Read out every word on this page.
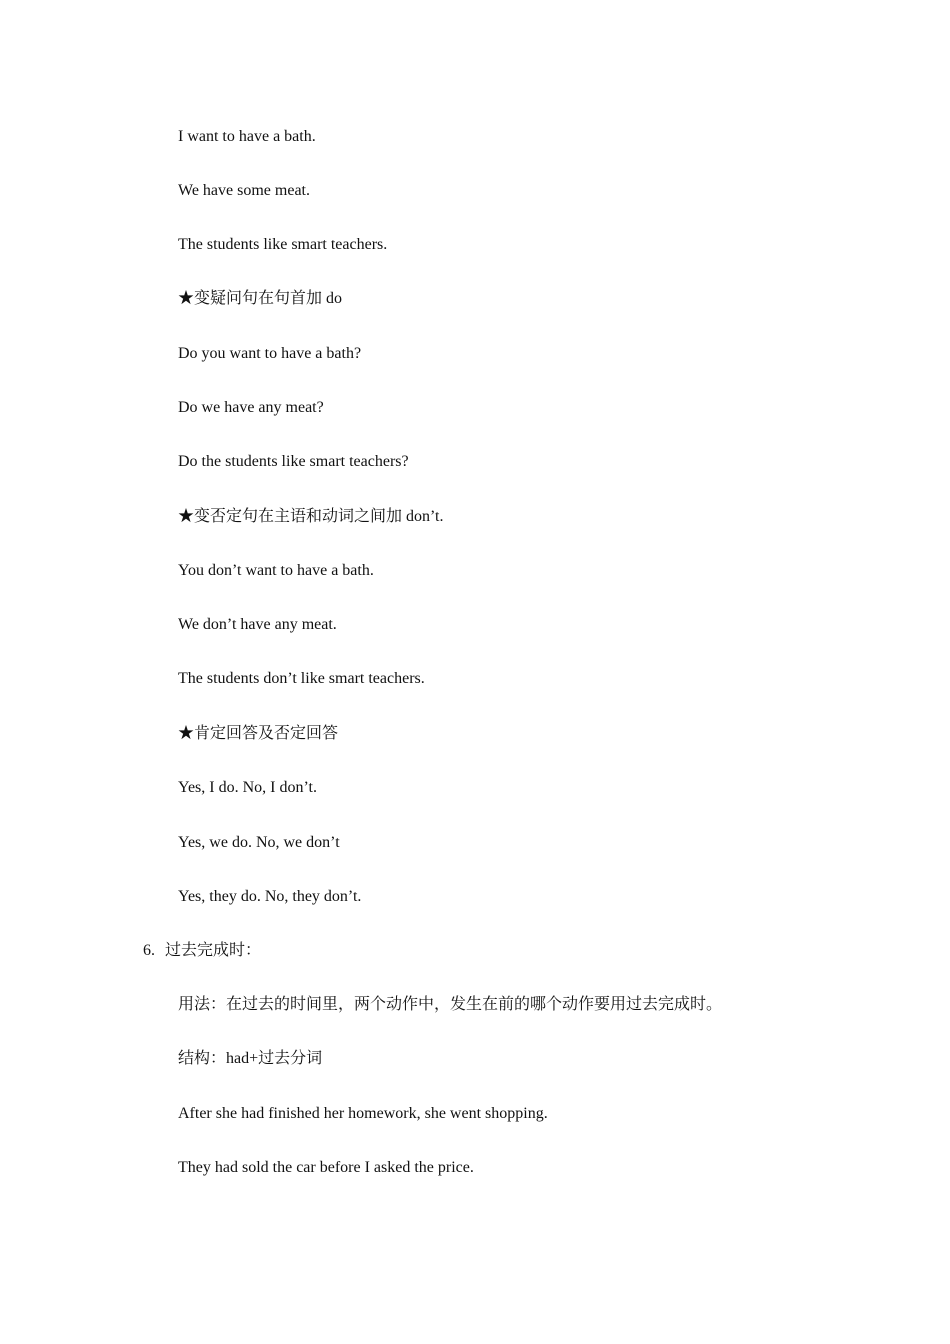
I want to have a bath.
We have some meat.
The students like smart teachers.
★变疑问句在句首加 do
Do you want to have a bath?
Do we have any meat?
Do the students like smart teachers?
★变否定句在主语和动词之间加 don’t.
You don’t want to have a bath.
We don’t have any meat.
The students don’t like smart teachers.
★肯定回答及否定回答
Yes, I do. No, I don’t.
Yes, we do. No, we don’t
Yes, they do. No, they don’t.
6. 过去完成时：
用法：在过去的时间里，两个动作中，发生在前的哪个动作要用过去完成时。
结构：had+过去分词
After she had finished her homework, she went shopping.
They had sold the car before I asked the price.
